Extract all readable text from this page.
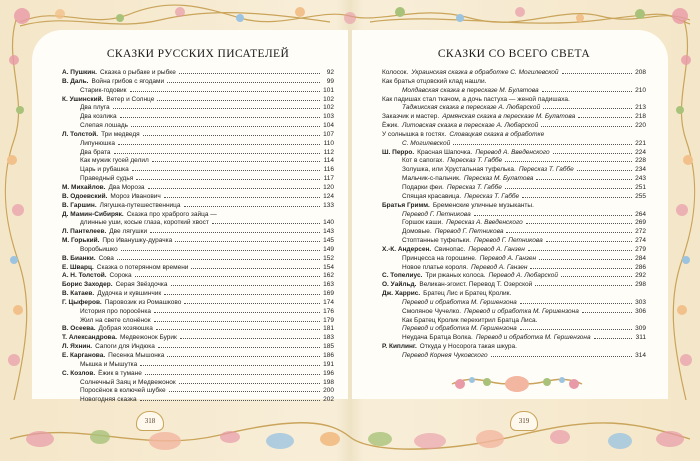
СКАЗКИ РУССКИХ ПИСАТЕЛЕЙ
А. Пушкин. Сказка о рыбаке и рыбке	92
В. Даль. Война грибов с ягодами	99
Старик-годовик	101
К. Ушинский. Ветер и Солнце	102
Два плуга	102
Два козлика	103
Слепая лошадь	104
Л. Толстой. Три медведя	107
Липунюшка	110
Два брата	112
Как мужик гусей делил	114
Царь и рубашка	116
Праведный судья	117
М. Михайлов. Два Мороза	120
В. Одоевский. Мороз Иванович	124
В. Гаршин. Лягушка-путешественница	133
Д. Мамин-Сибиряк. Сказка про храброго зайца —
длинные уши, косые глаза, короткий хвост	140
Л. Пантелеев. Две лягушки	143
М. Горький. Про Иванушку-дурачка	145
Воробьишко	149
В. Бианки. Сова	152
Е. Шварц. Сказка о потерянном времени	154
А. Н. Толстой. Сорока	162
Борис Заходер. Серая Звёздочка	163
В. Катаев. Дудочка и кувшинчик	169
Г. Цыферов. Паровозик из Ромашково	174
История про поросёнка	176
Жил на свете слонёнок	179
В. Осеева. Добрая хозяюшка	181
Т. Александрова. Медвежонок Бурик	183
Л. Яхнин. Сапоги для Индюка	185
Е. Карганова. Песенка Мышонка	186
Мышка и Мышутка	191
С. Козлов. Ёжик в тумане	196
Солнечный Заяц и Медвежонок	198
Поросёнок в колючей шубке	200
Новогодняя сказка	202
СКАЗКИ СО ВСЕГО СВЕТА
Колосок. Украинская сказка в обработке С. Могилевской	208
Как братья отцовский клад нашли.
Молдавская сказка в пересказе М. Булатова	210
Как падишах стал ткачом, а дочь пастуха — женой падишаха.
Таджикская сказка в пересказе А. Любарской	213
Заказчик и мастер. Армянская сказка в пересказе М. Булатова	218
Ёжик. Литовская сказка в пересказе А. Любарской	220
У солнышка в гостях. Словацкая сказка в обработке
С. Могилевской	221
Ш. Перро. Красная Шапочка. Перевод А. Введенского	224
Кот в сапогах. Пересказ Т. Габбе	228
Золушка, или Хрустальная туфелька. Пересказ Т. Габбе	234
Мальчик-с-пальчик. Пересказ М. Булатова	243
Подарки феи. Пересказ Т. Габбе	251
Спящая красавица. Пересказ Т. Габбе	255
Братья Гримм. Бременские уличные музыканты.
Перевод Г. Петникова	264
Горшок каши. Пересказ А. Введенского	269
Домовые. Перевод Г. Петникова	272
Стоптанные туфельки. Перевод Г. Петникова	274
Х.-К. Андерсен. Свинопас. Перевод А. Ганзен	279
Принцесса на горошине. Перевод А. Ганзен	284
Новое платье короля. Перевод А. Ганзен	286
С. Топелиус. Три ржаных колоса. Перевод А. Любарской	292
О. Уайльд. Великан-эгоист. Перевод Т. Озерской	298
Дж. Харрис. Братец Лис и Братец Кролик.
Перевод и обработка М. Гершензона	303
Смоляное Чучелко. Перевод и обработка М. Гершензона	306
Как Братец Кролик перехитрил Братца Лиса.
Перевод и обработка М. Гершензона	309
Неудача Братца Волка. Перевод и обработка М. Гершензона	311
Р. Киплинг. Откуда у Носорога такая шкура.
Перевод Корнея Чуковского	314
318	319
